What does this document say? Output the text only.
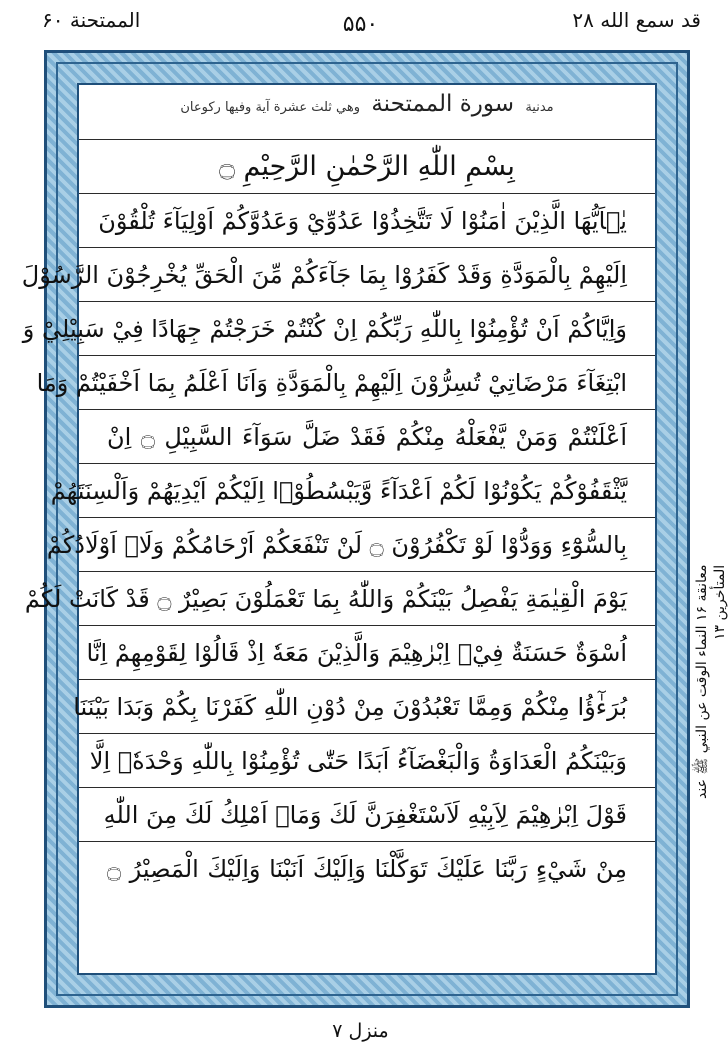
قد سمع الله ۲۸
۵۵۰
الممتحنة ۶۰
مدنية سورة الممتحنة وهي ثلث عشرة آية وفيها ركوعان
بِسْمِ اللّٰهِ الرَّحْمٰنِ الرَّحِيْمِ ۝
يٰۤاَيُّهَا الَّذِيْنَ اٰمَنُوْا لَا تَتَّخِذُوْا عَدُوِّيْ وَعَدُوَّكُمْ اَوْلِيَآءَ تُلْقُوْنَ
اِلَيْهِمْ بِالْمَوَدَّةِ وَقَدْ كَفَرُوْا بِمَا جَآءَكُمْ مِّنَ الْحَقِّ يُخْرِجُوْنَ الرَّسُوْلَ
وَاِيَّاكُمْ اَنْ تُؤْمِنُوْا بِاللّٰهِ رَبِّكُمْ اِنْ كُنْتُمْ خَرَجْتُمْ جِهَادًا فِيْ سَبِيْلِيْ وَ
ابْتِغَآءَ مَرْضَاتِيْ تُسِرُّوْنَ اِلَيْهِمْ بِالْمَوَدَّةِ وَاَنَا اَعْلَمُ بِمَا اَخْفَيْتُمْ وَمَا
اَعْلَنْتُمْ وَمَنْ يَّفْعَلْهُ مِنْكُمْ فَقَدْ ضَلَّ سَوَآءَ السَّبِيْلِ ۝ اِنْ
يَّثْقَفُوْكُمْ يَكُوْنُوْا لَكُمْ اَعْدَآءً وَّيَبْسُطُوْۤا اِلَيْكُمْ اَيْدِيَهُمْ وَاَلْسِنَتَهُمْ
بِالسُّوْٓءِ وَوَدُّوْا لَوْ تَكْفُرُوْنَ ۝ لَنْ تَنْفَعَكُمْ اَرْحَامُكُمْ وَلَاۤ اَوْلَادُكُمْ
يَوْمَ الْقِيٰمَةِ يَفْصِلُ بَيْنَكُمْ وَاللّٰهُ بِمَا تَعْمَلُوْنَ بَصِيْرٌ ۝ قَدْ كَانَتْ لَكُمْ
اُسْوَةٌ حَسَنَةٌ فِيْۤ اِبْرٰهِيْمَ وَالَّذِيْنَ مَعَهٗ اِذْ قَالُوْا لِقَوْمِهِمْ اِنَّا
بُرَءٰٓؤُا مِنْكُمْ وَمِمَّا تَعْبُدُوْنَ مِنْ دُوْنِ اللّٰهِ كَفَرْنَا بِكُمْ وَبَدَا بَيْنَنَا
وَبَيْنَكُمُ الْعَدَاوَةُ وَالْبَغْضَآءُ اَبَدًا حَتّٰى تُؤْمِنُوْا بِاللّٰهِ وَحْدَهٗۤ اِلَّا
قَوْلَ اِبْرٰهِيْمَ لِاَبِيْهِ لَاَسْتَغْفِرَنَّ لَكَ وَمَاۤ اَمْلِكُ لَكَ مِنَ اللّٰهِ
مِنْ شَيْءٍ رَبَّنَا عَلَيْكَ تَوَكَّلْنَا وَاِلَيْكَ اَنَبْنَا وَاِلَيْكَ الْمَصِيْرُ ۝
معانقة ۱۶ النماء الوقت عن النبي ﷺ عند المتأخرين ۱۳
منزل ۷
